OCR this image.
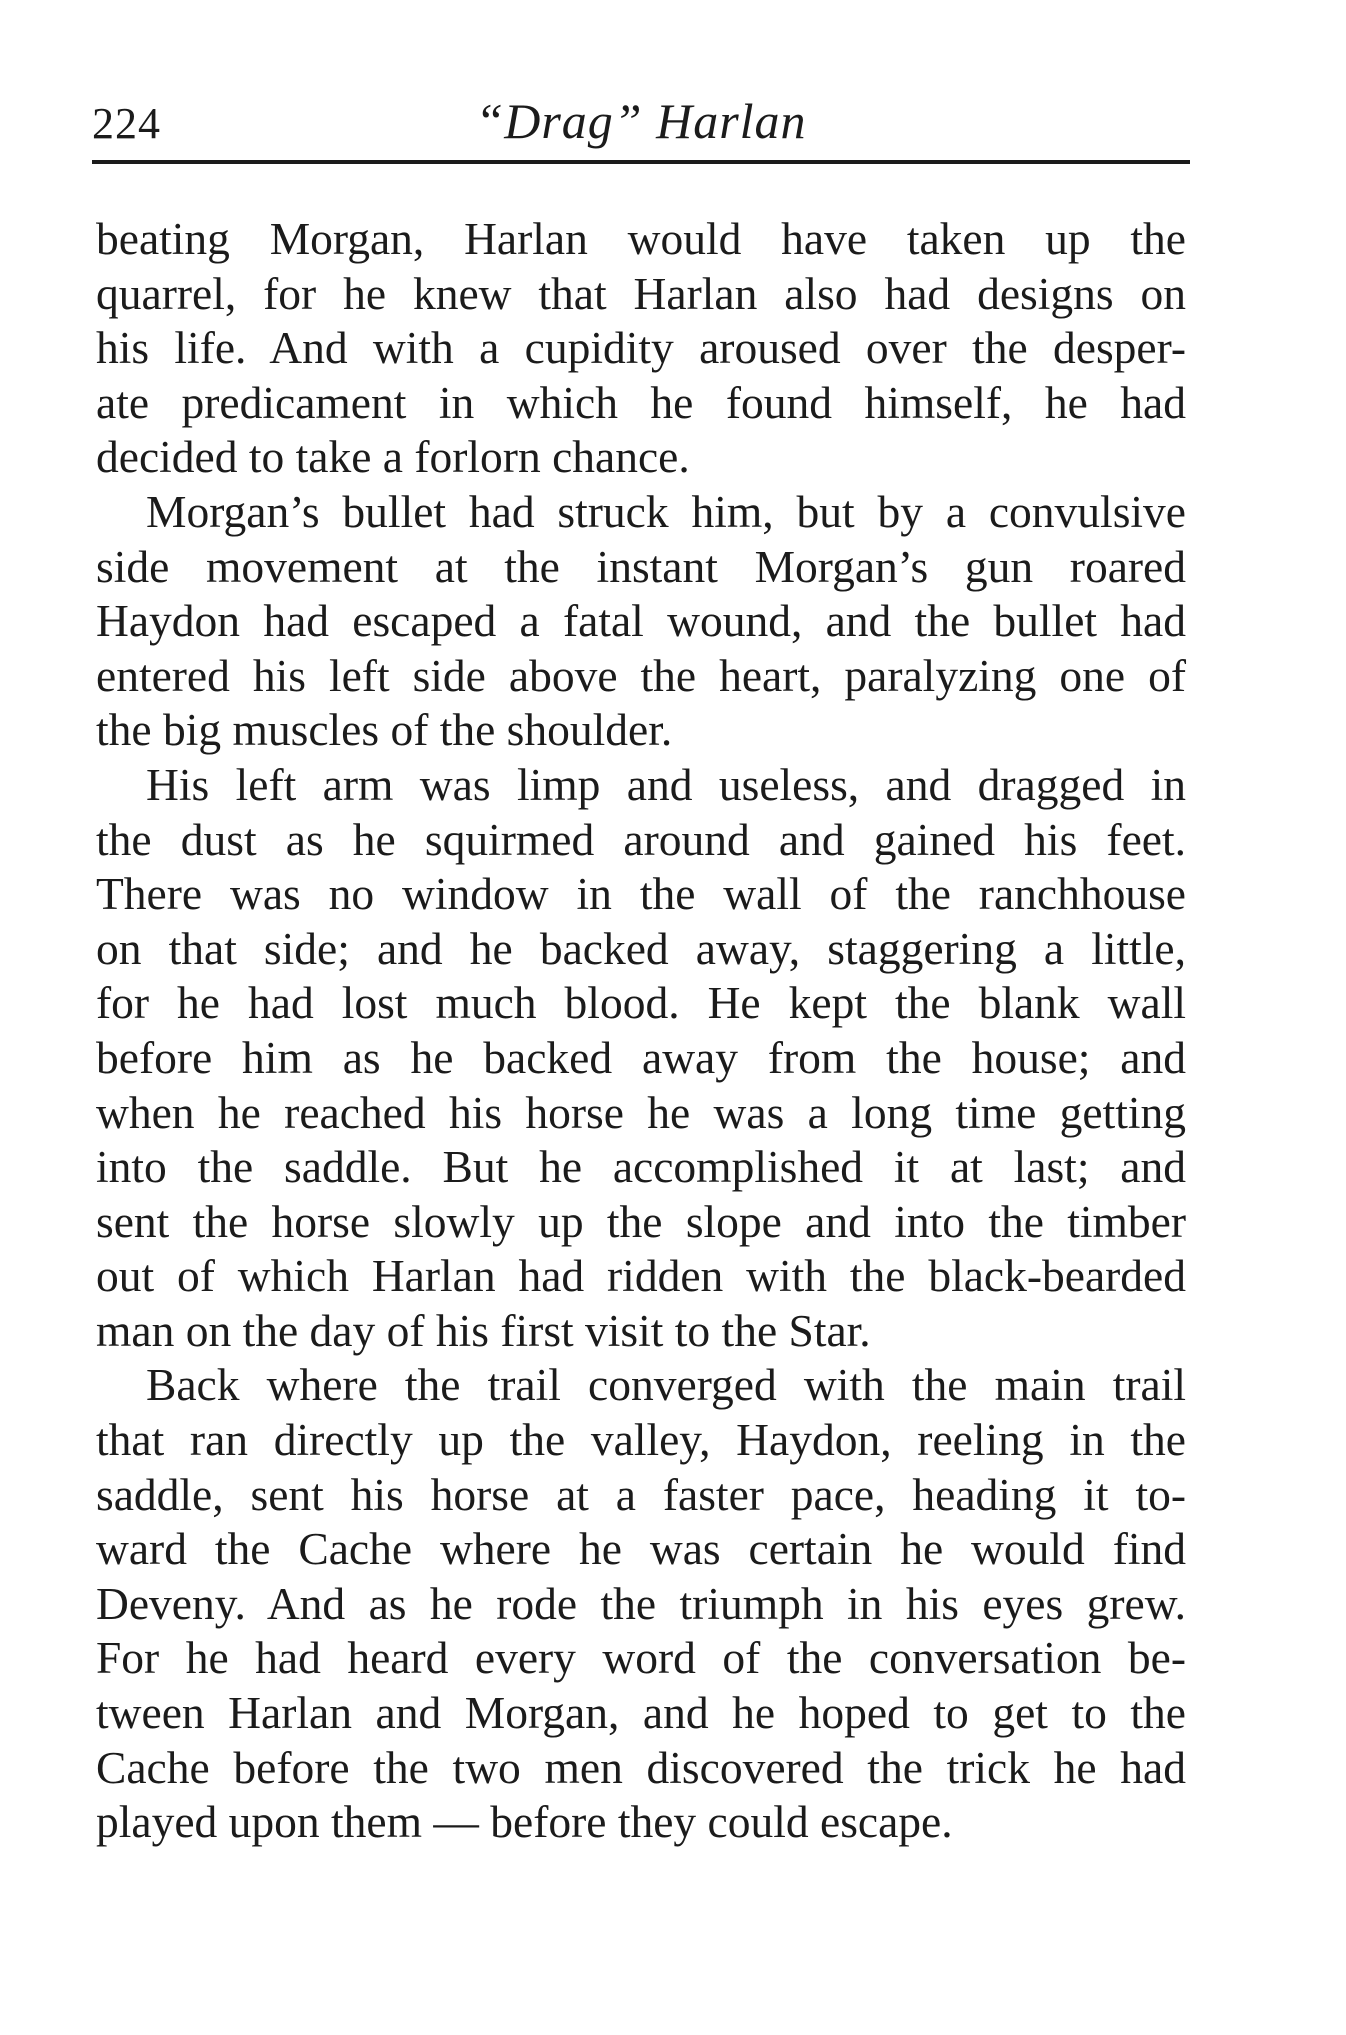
224	“Drag” Harlan

beating Morgan, Harlan would have taken up the
quarrel, for he knew that Harlan also had designs on
his life. And with a cupidity aroused over the desper-
ate predicament in which he found himself, he had
decided to take a forlorn chance.

Morgan’s bullet had struck him, but by a convulsive
side movement at the instant Morgan’s gun roared
Haydon had escaped a fatal wound, and the bullet had
entered his left side above the heart, paralyzing one of
the big muscles of the shoulder.

His left arm was limp and useless, and dragged in
the dust as he squirmed around and gained his feet.
There was no window in the wall of the ranchhouse
on that side; and he backed away, staggering a little,
for he had lost much blood. He kept the blank wall
before him as he backed away from the house; and
when he reached his horse he was a long time getting
into the saddle. But he accomplished it at last; and
sent the horse slowly up the slope and into the timber
out of which Harlan had ridden with the black-bearded
man on the day of his first visit to the Star.

Back where the trail converged with the main trail
that ran directly up the valley, Haydon, reeling in the
saddle, sent his horse at a faster pace, heading it to-
ward the Cache where he was certain he would find
Deveny. And as he rode the triumph in his eyes grew.
For he had heard every word of the conversation be-
tween Harlan and Morgan, and he hoped to get to the
Cache before the two men discovered the trick he had
played upon them — before they could escape.
